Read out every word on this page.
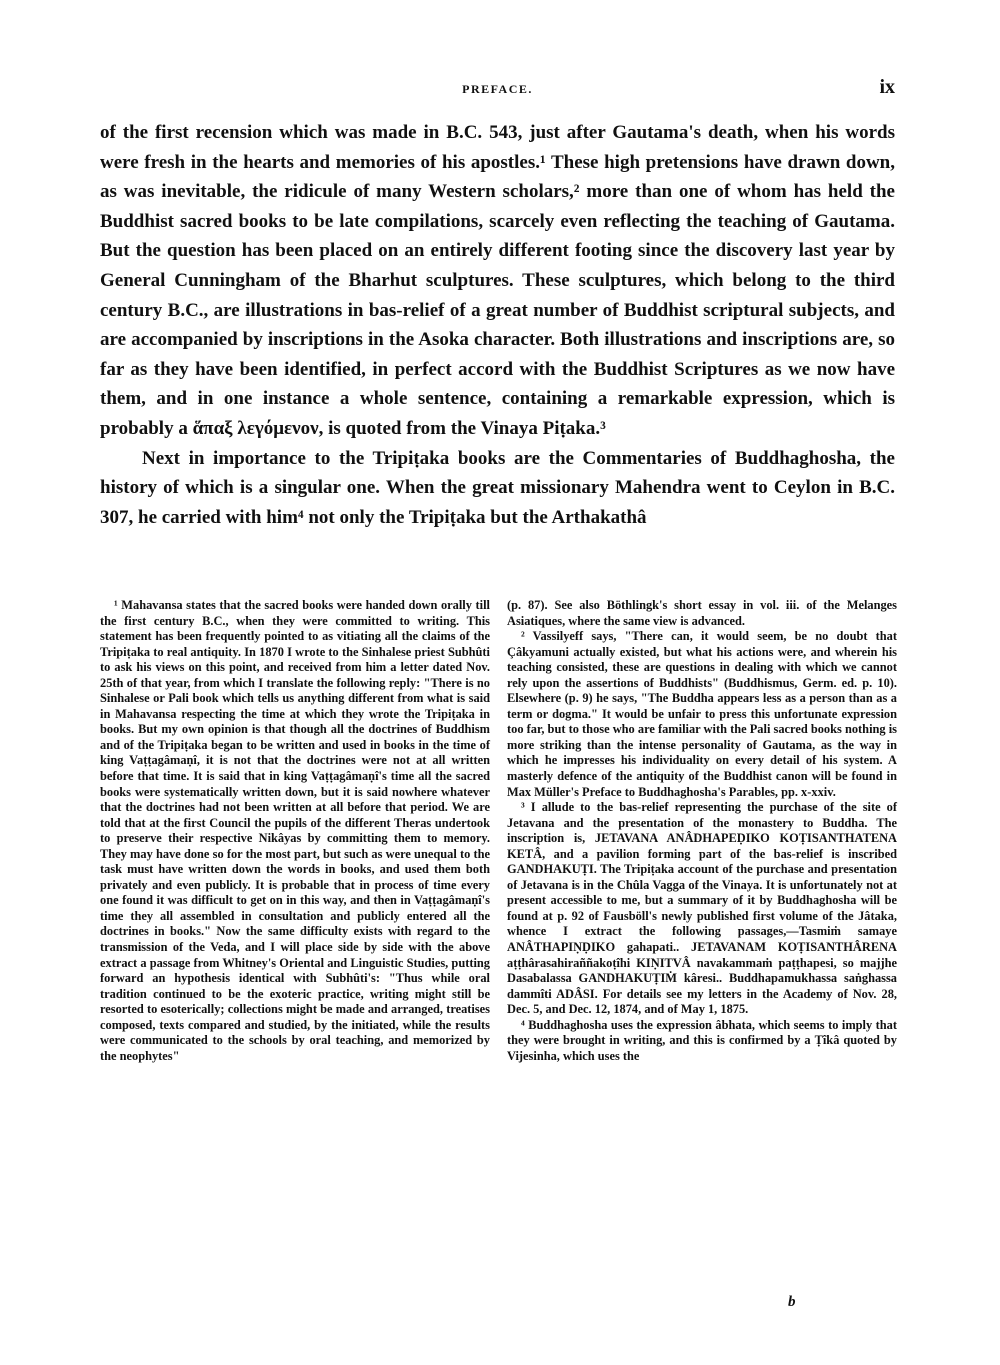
PREFACE.	ix

of the first recension which was made in B.C. 543, just after Gautama's death, when his words were fresh in the hearts and memories of his apostles.¹ These high pretensions have drawn down, as was inevitable, the ridicule of many Western scholars,² more than one of whom has held the Buddhist sacred books to be late compilations, scarcely even reflecting the teaching of Gautama. But the question has been placed on an entirely different footing since the discovery last year by General Cunningham of the Bharhut sculptures. These sculptures, which belong to the third century B.C., are illustrations in bas-relief of a great number of Buddhist scriptural subjects, and are accompanied by inscriptions in the Asoka character. Both illustrations and inscriptions are, so far as they have been identified, in perfect accord with the Buddhist Scriptures as we now have them, and in one instance a whole sentence, containing a remarkable expression, which is probably a ἅπαξ λεγόμενον, is quoted from the Vinaya Piṭaka.³

Next in importance to the Tripiṭaka books are the Commentaries of Buddhaghosha, the history of which is a singular one. When the great missionary Mahendra went to Ceylon in B.C. 307, he carried with him⁴ not only the Tripiṭaka but the Arthakathâ

¹ Mahavansa states that the sacred books were handed down orally till the first century B.C., when they were committed to writing. This statement has been frequently pointed to as vitiating all the claims of the Tripiṭaka to real antiquity. In 1870 I wrote to the Sinhalese priest Subhûti to ask his views on this point, and received from him a letter dated Nov. 25th of that year, from which I translate the following reply: "There is no Sinhalese or Pali book which tells us anything different from what is said in Mahavansa respecting the time at which they wrote the Tripiṭaka in books. But my own opinion is that though all the doctrines of Buddhism and of the Tripiṭaka began to be written and used in books in the time of king Vaṭṭagâmaṇî, it is not that the doctrines were not at all written before that time. It is said that in king Vaṭṭagâmaṇî's time all the sacred books were systematically written down, but it is said nowhere whatever that the doctrines had not been written at all before that period. We are told that at the first Council the pupils of the different Theras undertook to preserve their respective Nikâyas by committing them to memory. They may have done so for the most part, but such as were unequal to the task must have written down the words in books, and used them both privately and even publicly. It is probable that in process of time every one found it was difficult to get on in this way, and then in Vaṭṭagâmaṇî's time they all assembled in consultation and publicly entered all the doctrines in books." Now the same difficulty exists with regard to the transmission of the Veda, and I will place side by side with the above extract a passage from Whitney's Oriental and Linguistic Studies, putting forward an hypothesis identical with Subhûti's: "Thus while oral tradition continued to be the exoteric practice, writing might still be resorted to esoterically; collections might be made and arranged, treatises composed, texts compared and studied, by the initiated, while the results were communicated to the schools by oral teaching, and memorized by the neophytes"

(p. 87). See also Böthlingk's short essay in vol. iii. of the Melanges Asiatiques, where the same view is advanced.

² Vassilyeff says, "There can, it would seem, be no doubt that Çâkyamuni actually existed, but what his actions were, and wherein his teaching consisted, these are questions in dealing with which we cannot rely upon the assertions of Buddhists" (Buddhismus, Germ. ed. p. 10). Elsewhere (p. 9) he says, "The Buddha appears less as a person than as a term or dogma." It would be unfair to press this unfortunate expression too far, but to those who are familiar with the Pali sacred books nothing is more striking than the intense personality of Gautama, as the way in which he impresses his individuality on every detail of his system. A masterly defence of the antiquity of the Buddhist canon will be found in Max Müller's Preface to Buddhaghosha's Parables, pp. x-xxiv.

³ I allude to the bas-relief representing the purchase of the site of Jetavana and the presentation of the monastery to Buddha. The inscription is, JETAVANA ANÂDHAPEḌIKO KOṬISANTHATENA KETÂ, and a pavilion forming part of the bas-relief is inscribed GANDHAKUṬI. The Tripiṭaka account of the purchase and presentation of Jetavana is in the Chûla Vagga of the Vinaya. It is unfortunately not at present accessible to me, but a summary of it by Buddhaghosha will be found at p. 92 of Fausböll's newly published first volume of the Jâtaka, whence I extract the following passages,—Tasmiṁ samaye ANÂTHAPIṆḌIKO gahapati.. JETAVANAM KOṬISANTHÂRENA aṭṭhârasahiraññakoṭîhi KIṆITVÂ navakammaṁ paṭṭhapesi, so majjhe Dasabalassa GANDHAKUṬIṀ kâresi.. Buddhapamukhassa saṅghassa dammîti ADÂSI. For details see my letters in the Academy of Nov. 28, Dec. 5, and Dec. 12, 1874, and of May 1, 1875.

⁴ Buddhaghosha uses the expression âbhata, which seems to imply that they were brought in writing, and this is confirmed by a Ṭîkâ quoted by Vijesinha, which uses the

b
